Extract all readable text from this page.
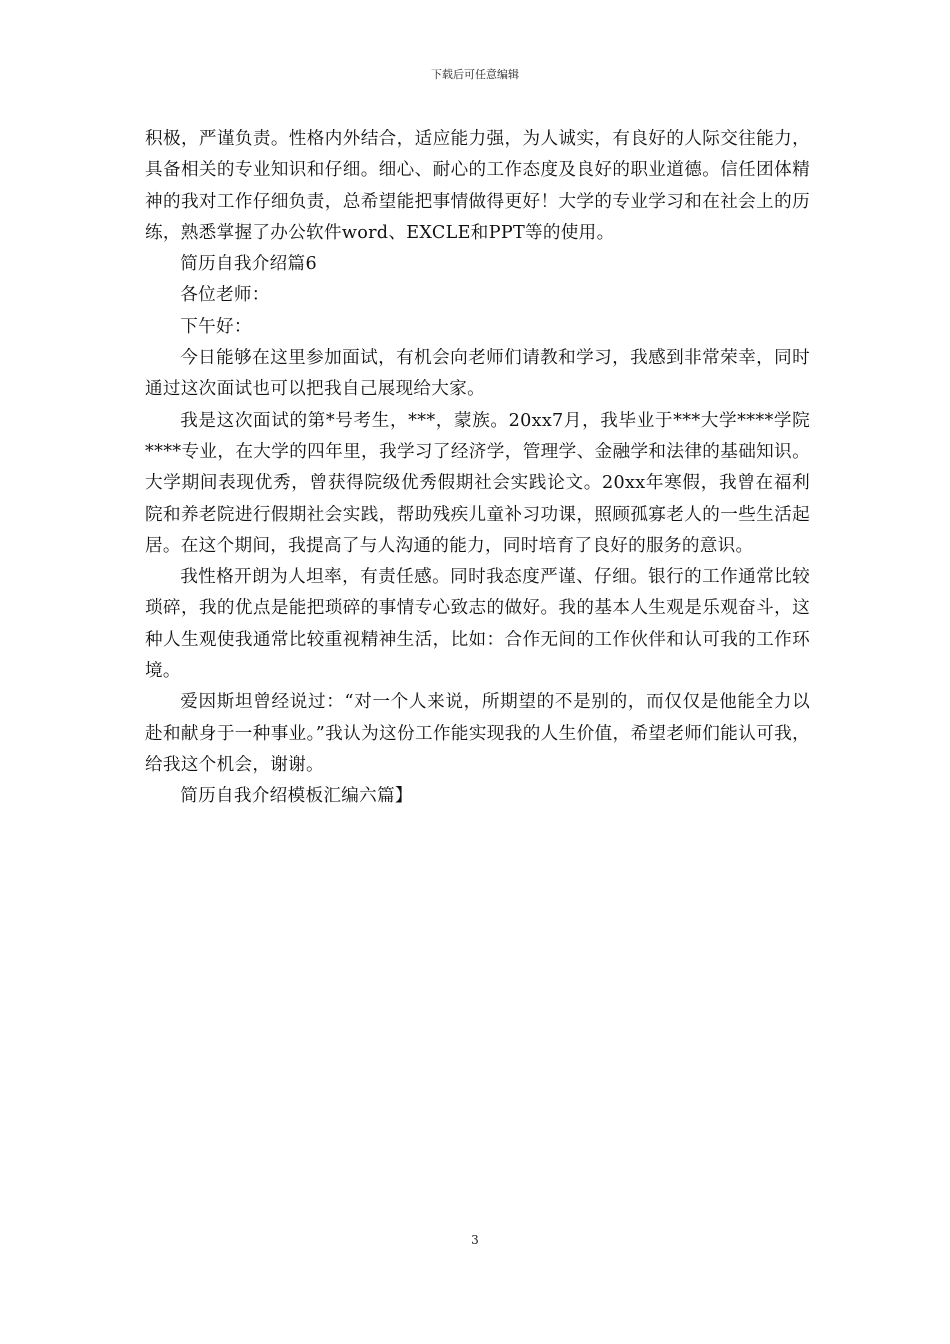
下载后可任意编辑

积极，严谨负责。性格内外结合，适应能力强，为人诚实，有良好的人际交往能力，具备相关的专业知识和仔细。细心、耐心的工作态度及良好的职业道德。信任团体精神的我对工作仔细负责，总希望能把事情做得更好！大学的专业学习和在社会上的历练，熟悉掌握了办公软件word、EXCLE和PPT等的使用。

简历自我介绍篇6

各位老师：

下午好：

今日能够在这里参加面试，有机会向老师们请教和学习，我感到非常荣幸，同时通过这次面试也可以把我自己展现给大家。

我是这次面试的第*号考生，***，蒙族。20xx7月，我毕业于***大学****学院****专业，在大学的四年里，我学习了经济学，管理学、金融学和法律的基础知识。大学期间表现优秀，曾获得院级优秀假期社会实践论文。20xx年寒假，我曾在福利院和养老院进行假期社会实践，帮助残疾儿童补习功课，照顾孤寡老人的一些生活起居。在这个期间，我提高了与人沟通的能力，同时培育了良好的服务的意识。

我性格开朗为人坦率，有责任感。同时我态度严谨、仔细。银行的工作通常比较琐碎，我的优点是能把琐碎的事情专心致志的做好。我的基本人生观是乐观奋斗，这种人生观使我通常比较重视精神生活，比如：合作无间的工作伙伴和认可我的工作环境。

爱因斯坦曾经说过：“对一个人来说，所期望的不是别的，而仅仅是他能全力以赴和献身于一种事业。”我认为这份工作能实现我的人生价值，希望老师们能认可我，给我这个机会，谢谢。

简历自我介绍模板汇编六篇】

3
